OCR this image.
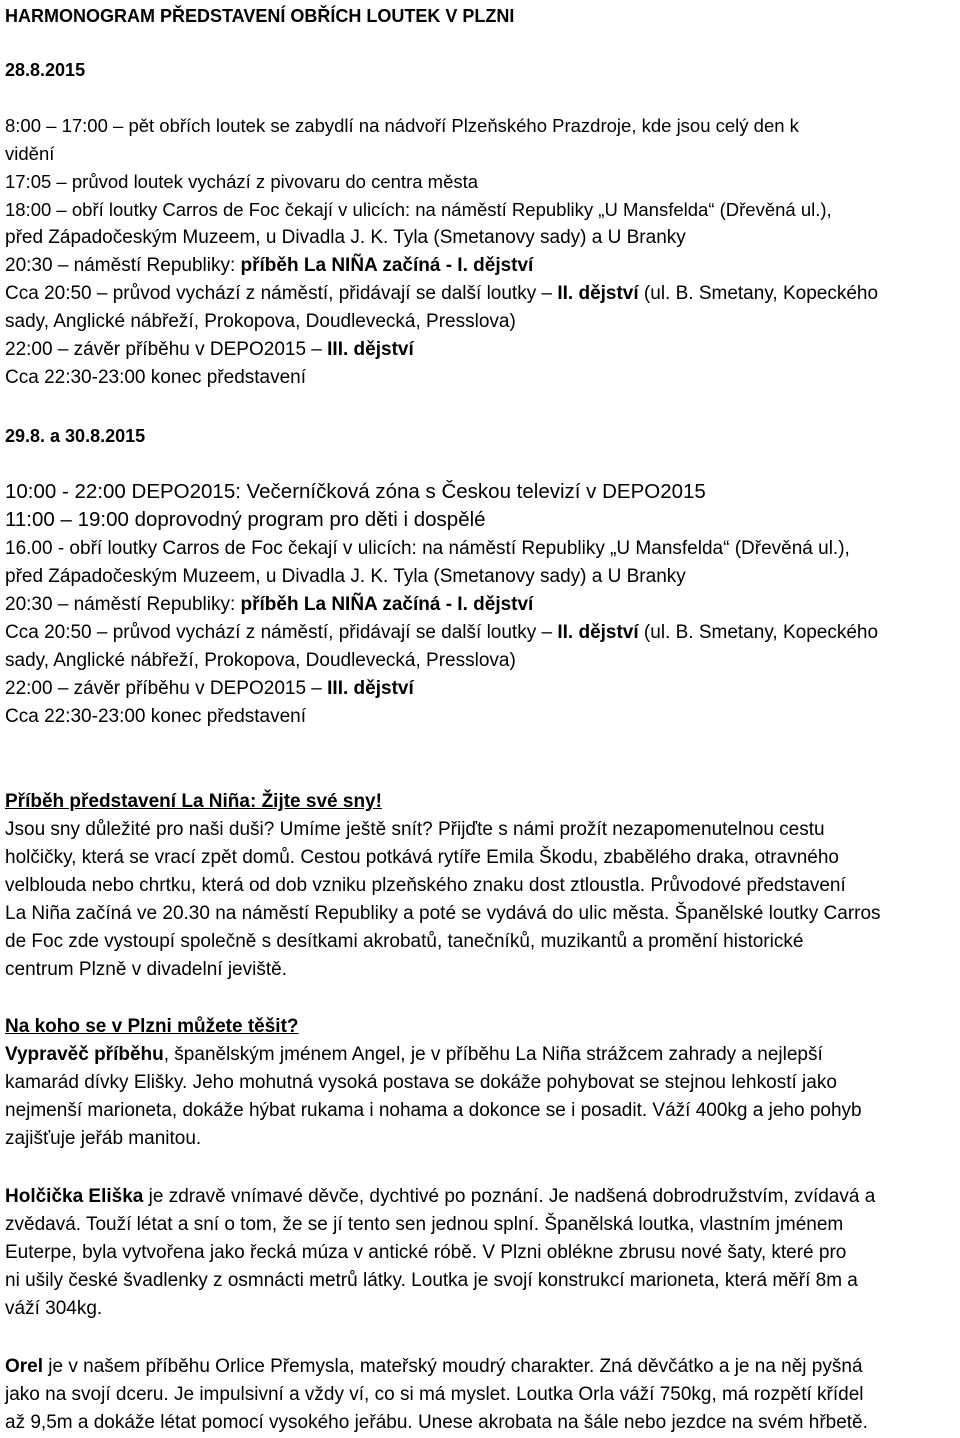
HARMONOGRAM PŘEDSTAVENÍ OBŘÍCH LOUTEK V PLZNI
28.8.2015
8:00 – 17:00 – pět obřích loutek se zabydlí na nádvoří Plzeňského Prazdroje, kde jsou celý den k
vidění
17:05 – průvod loutek vychází z pivovaru do centra města
18:00 – obří loutky Carros de Foc čekají v ulicích: na náměstí Republiky „U Mansfelda“ (Dřevěná ul.),
před Západočeským Muzeem, u Divadla J. K. Tyla (Smetanovy sady) a U Branky
20:30 – náměstí Republiky: příběh La NIÑA začíná - I. dějství
Cca 20:50 – průvod vychází z náměstí, přidávají se další loutky – II. dějství (ul. B. Smetany, Kopeckého
sady, Anglické nábřeží, Prokopova, Doudlevecká, Presslova)
22:00 – závěr příběhu v DEPO2015 – III. dějství
Cca 22:30-23:00 konec představení
29.8. a 30.8.2015
10:00 - 22:00 DEPO2015: Večerníčková zóna s Českou televizí v DEPO2015
11:00 – 19:00 doprovodný program pro děti i dospělé
16.00 - obří loutky Carros de Foc čekají v ulicích: na náměstí Republiky „U Mansfelda“ (Dřevěná ul.),
před Západočeským Muzeem, u Divadla J. K. Tyla (Smetanovy sady) a U Branky
20:30 – náměstí Republiky: příběh La NIÑA začíná - I. dějství
Cca 20:50 – průvod vychází z náměstí, přidávají se další loutky – II. dějství (ul. B. Smetany, Kopeckého
sady, Anglické nábřeží, Prokopova, Doudlevecká, Presslova)
22:00 – závěr příběhu v DEPO2015 – III. dějství
Cca 22:30-23:00 konec představení
Příběh představení La Niña: Žijte své sny!
Jsou sny důležité pro naši duši? Umíme ještě snít? Přijďte s námi prožít nezapomenutelnou cestu
holčičky, která se vrací zpět domů. Cestou potkává rytíře Emila Škodu, zbabělého draka, otravného
velblouda nebo chrtku, která od dob vzniku plzeňského znaku dost ztloustla. Průvodové představení
La Niña začíná ve 20.30 na náměstí Republiky a poté se vydává do ulic města. Španělské loutky Carros
de Foc zde vystoupí společně s desítkami akrobatů, tanečníků, muzikantů a promění historické
centrum Plzně v divadelní jeviště.
Na koho se v Plzni můžete těšit?
Vypravěč příběhu, španělským jménem Angel, je v příběhu La Niña strážcem zahrady a nejlepší
kamarád dívky Elišky. Jeho mohutná vysoká postava se dokáže pohybovat se stejnou lehkostí jako
nejmenší marioneta, dokáže hýbat rukama i nohama a dokonce se i posadit. Váží 400kg a jeho pohyb
zajišťuje jeřáb manitou.
Holčička Eliška je zdravě vnímavé děvče, dychtivé po poznání. Je nadšená dobrodružstvím, zvídavá a
zvědavá. Touží létat a sní o tom, že se jí tento sen jednou splní. Španělská loutka, vlastním jménem
Euterpe, byla vytvořena jako řecká múza v antické róbě. V Plzni oblékne zbrusu nové šaty, které pro
ni ušily české švadlenky z osmnácti metrů látky. Loutka je svojí konstrukcí marioneta, která měří 8m a
váží 304kg.
Orel je v našem příběhu Orlice Přemysla, mateřský moudrý charakter. Zná děvčátko a je na něj pyšná
jako na svojí dceru. Je impulsivní a vždy ví, co si má myslet. Loutka Orla váží 750kg, má rozpětí křídel
až 9,5m a dokáže létat pomocí vysokého jeřábu. Unese akrobata na šále nebo jezdce na svém hřbetě.
